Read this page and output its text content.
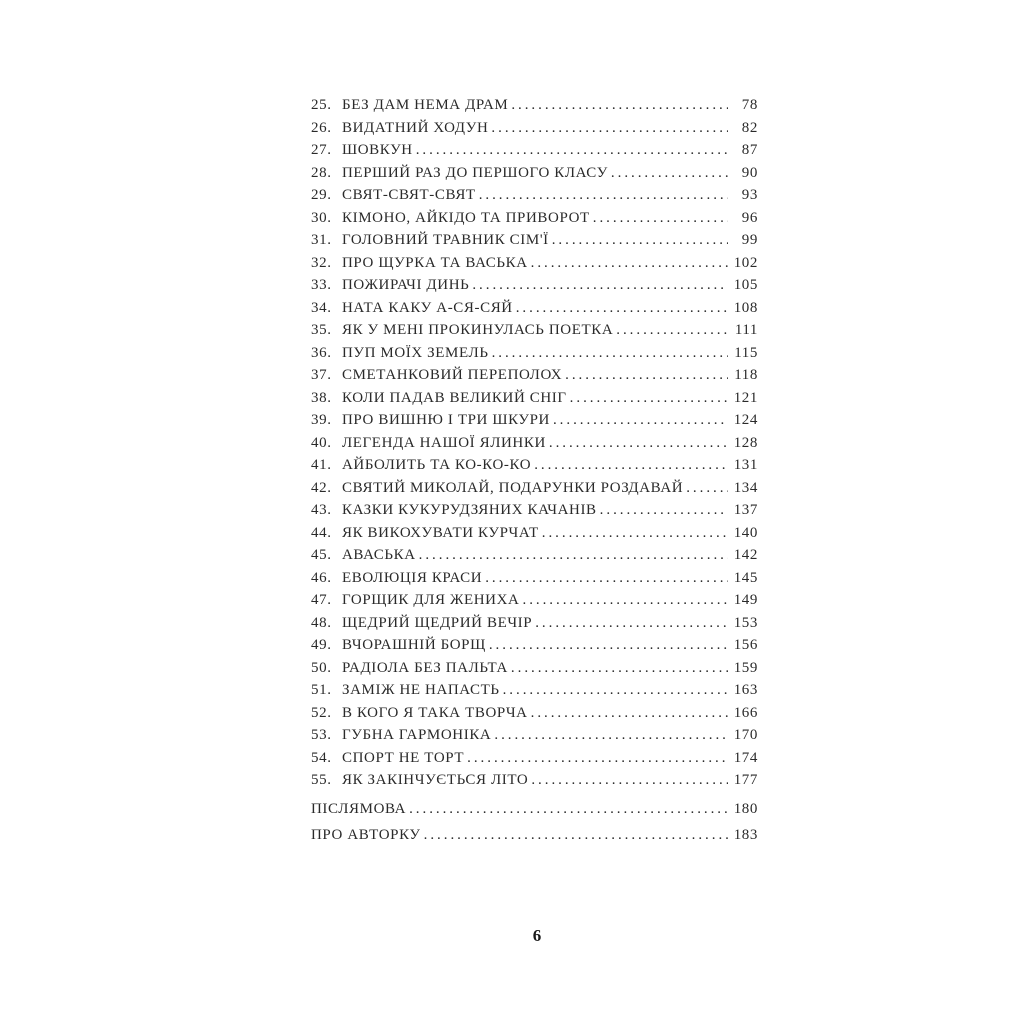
25. БЕЗ ДАМ НЕМА ДРАМ . . .	78
26. ВИДАТНИЙ ХОДУН . . .	82
27. ШОВКУН . . .	87
28. ПЕРШИЙ РАЗ ДО ПЕРШОГО КЛАСУ . . .	90
29. СВЯТ-СВЯТ-СВЯТ . . .	93
30. КІМОНО, АЙКІДО ТА ПРИВОРОТ . . .	96
31. ГОЛОВНИЙ ТРАВНИК СІМ'Ї . . .	99
32. ПРО ЩУРКА ТА ВАСЬКА . . .	102
33. ПОЖИРАЧІ ДИНЬ . . .	105
34. НАТА КАКУ А-СЯ-СЯЙ . . .	108
35. ЯК У МЕНІ ПРОКИНУЛАСЬ ПОЕТКА . . .	111
36. ПУП МОЇХ ЗЕМЕЛЬ . . .	115
37. СМЕТАНКОВИЙ ПЕРЕПОЛОХ . . .	118
38. КОЛИ ПАДАВ ВЕЛИКИЙ СНІГ . . .	121
39. ПРО ВИШНЮ І ТРИ ШКУРИ . . .	124
40. ЛЕГЕНДА НАШОЇ ЯЛИНКИ . . .	128
41. АЙБОЛИТЬ ТА КО-КО-КО . . .	131
42. СВЯТИЙ МИКОЛАЙ, ПОДАРУНКИ РОЗДАВАЙ . . .	134
43. КАЗКИ КУКУРУДЗЯНИХ КАЧАНІВ . . .	137
44. ЯК ВИКОХУВАТИ КУРЧАТ . . .	140
45. АВАСЬКА . . .	142
46. ЕВОЛЮЦІЯ КРАСИ . . .	145
47. ГОРЩИК ДЛЯ ЖЕНИХА . . .	149
48. ЩЕДРИЙ ЩЕДРИЙ ВЕЧІР . . .	153
49. ВЧОРАШНІЙ БОРЩ . . .	156
50. РАДІОЛА БЕЗ ПАЛЬТА . . .	159
51. ЗАМІЖ НЕ НАПАСТЬ . . .	163
52. В КОГО Я ТАКА ТВОРЧА . . .	166
53. ГУБНА ГАРМОНІКА . . .	170
54. СПОРТ НЕ ТОРТ . . .	174
55. ЯК ЗАКІНЧУЄТЬСЯ ЛІТО . . .	177
ПІСЛЯМОВА . . .	180
ПРО АВТОРКУ . . .	183
6
